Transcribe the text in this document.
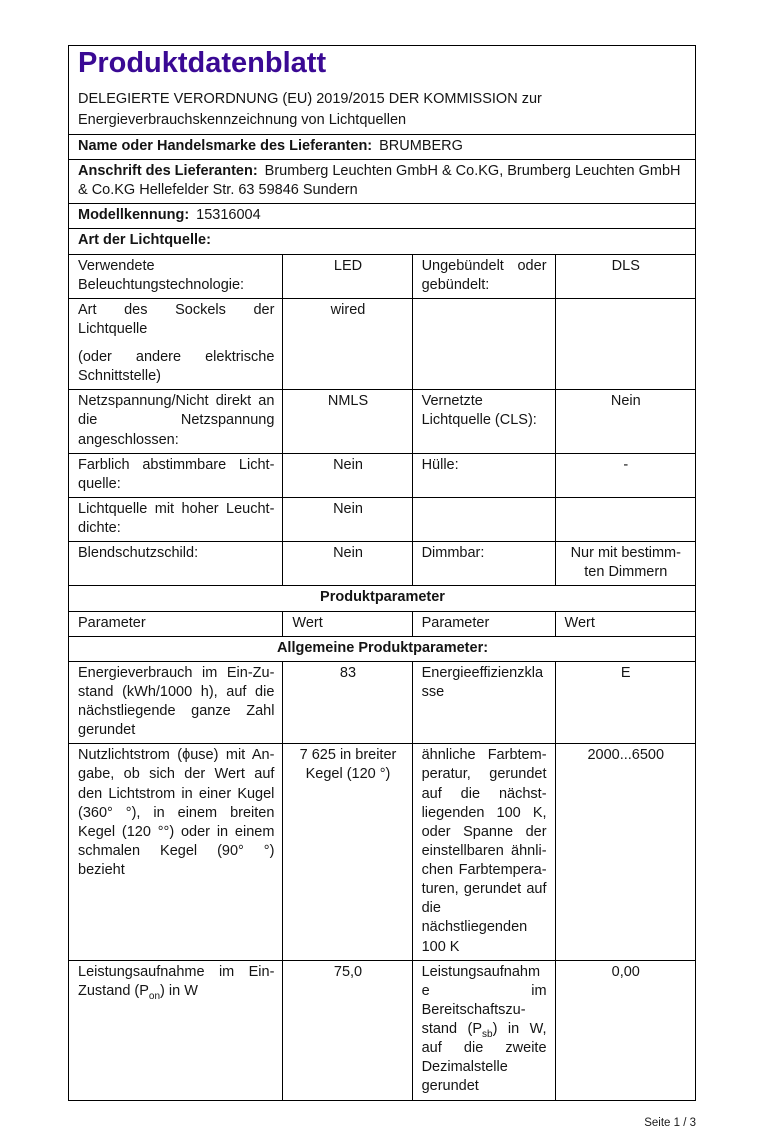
Produktdatenblatt

DELEGIERTE VERORDNUNG (EU) 2019/2015 DER KOMMISSION zur Energieverbrauchskennzeichnung von Lichtquellen

Name oder Handelsmarke des Lieferanten: BRUMBERG			
Anschrift des Lieferanten: Brumberg Leuchten GmbH & Co.KG, Brumberg Leuchten GmbH & Co.KG Hellefelder Str. 63 59846 Sundern			
Modellkennung: 15316004			
Art der Lichtquelle:			
Verwendete Beleuchtungstechnologie:	LED	Ungebündelt oder gebündelt:	DLS

Art des Sockels der Lichtquelle

(oder andere elektrische Schnittstelle)	wired		
Netzspannung/Nicht direkt an die Netzspannung angeschlossen:	NMLS	Vernetzte Lichtquelle (CLS):	Nein
Farblich abstimmbare Lichtquelle:	Nein	Hülle:	-
Lichtquelle mit hoher Leuchtdichte:	Nein		
Blendschutzschild:	Nein	Dimmbar:	Nur mit bestimmten Dimmern
Produktparameter			
Parameter	Wert	Parameter	Wert
Allgemeine Produktparameter:			
Energieverbrauch im Ein-Zustand (kWh/1000 h), auf die nächstliegende ganze Zahl gerundet	83	Energieeffizienzklasse	E
Nutzlichtstrom (ϕuse) mit Angabe, ob sich der Wert auf den Lichtstrom in einer Kugel (360° °), in einem breiten Kegel (120 °°) oder in einem schmalen Kegel (90° °) bezieht	7 625 in breiter Kegel (120 °)	ähnliche Farbtemperatur, gerundet auf die nächstliegenden 100 K, oder Spanne der einstellbaren ähnlichen Farbtemperaturen, gerundet auf die nächstliegenden 100 K	2000...6500
Leistungsaufnahme im Ein-Zustand $(P_{on})$ in W	75,0	Leistungsaufnahme im Bereitschaftszustand $(P_{sb})$ in W, auf die zweite Dezimalstelle gerundet	0,00
Seite 1 / 3
